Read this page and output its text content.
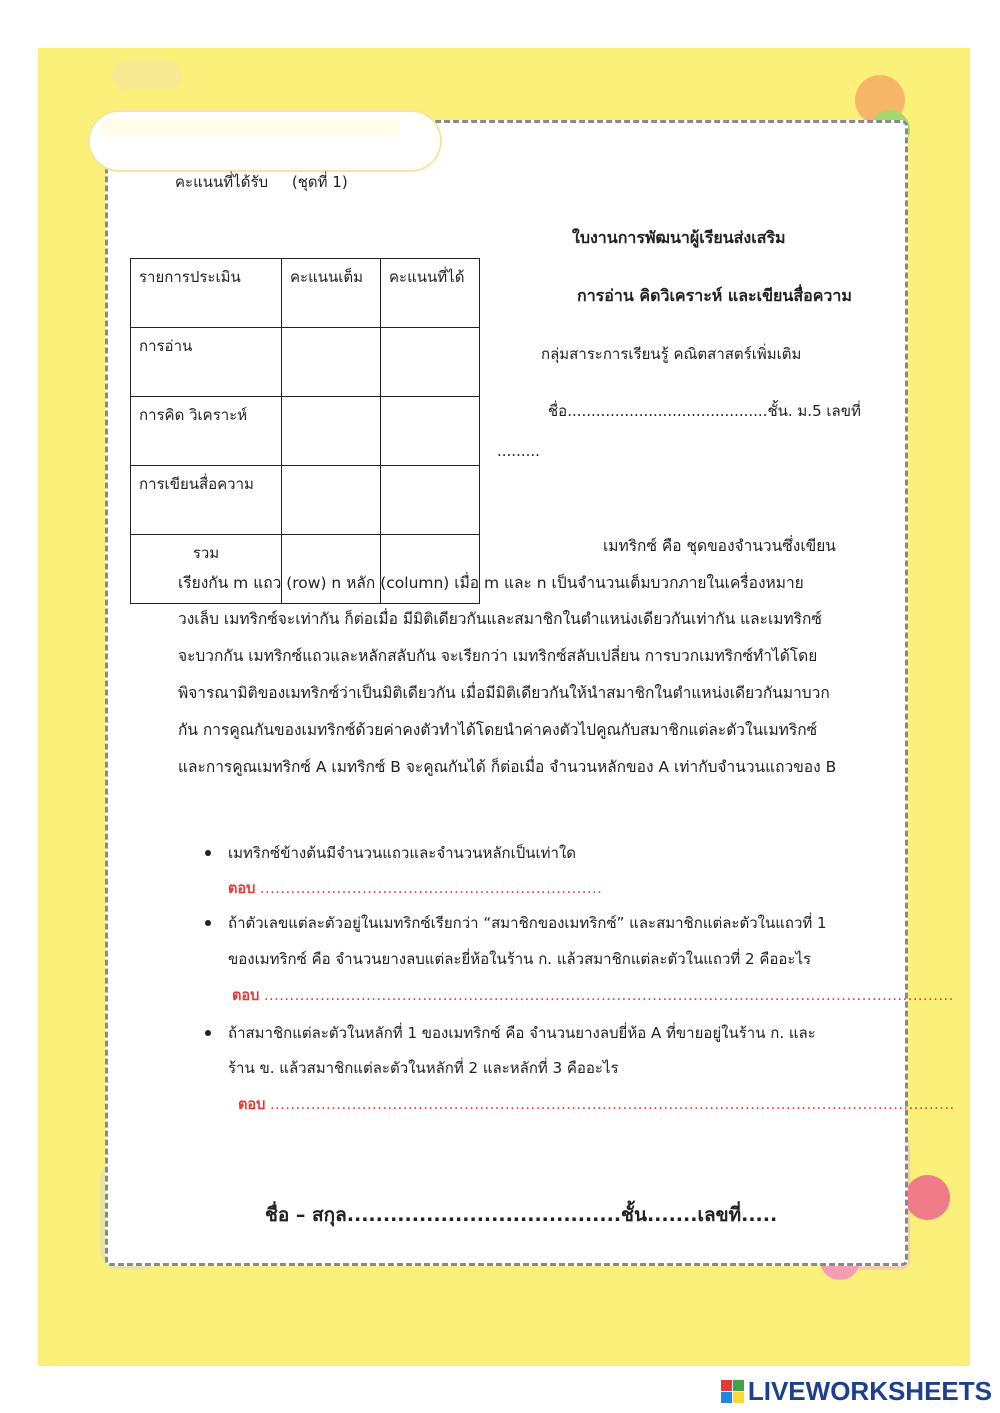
คะแนนที่ได้รับ (ชุดที่ 1)
ใบงานการพัฒนาผู้เรียนส่งเสริม
การอ่าน คิดวิเคราะห์ และเขียนสื่อความ
กลุ่มสาระการเรียนรู้ คณิตสาสตร์เพิ่มเติม
ชื่อ..........................................ชั้น. ม.5 เลขที่
.........
รายการประเมิน	คะแนนเต็ม	คะแนนที่ได้
การอ่าน		
การคิด วิเคราะห์		
การเขียนสื่อความ		
รวม			เมทริกซ์ คือ ชุดของจำนวนซึ่งเขียน
เรียงกัน m แถว (row) n หลัก (column) เมื่อ m และ n เป็นจำนวนเต็มบวกภายในเครื่องหมาย
วงเล็บ เมทริกซ์จะเท่ากัน ก็ต่อเมื่อ มีมิติเดียวกันและสมาชิกในตำแหน่งเดียวกันเท่ากัน และเมทริกซ์
จะบวกกัน เมทริกซ์แถวและหลักสลับกัน จะเรียกว่า เมทริกซ์สลับเปลี่ยน การบวกเมทริกซ์ทำได้โดย
พิจารณามิติของเมทริกซ์ว่าเป็นมิติเดียวกัน เมื่อมีมิติเดียวกันให้นำสมาชิกในตำแหน่งเดียวกันมาบวก
กัน การคูณกันของเมทริกซ์ด้วยค่าคงตัวทำได้โดยนำค่าคงตัวไปคูณกับสมาชิกแต่ละตัวในเมทริกซ์
และการคูณเมทริกซ์ A เมทริกซ์ B จะคูณกันได้ ก็ต่อเมื่อ จำนวนหลักของ A เท่ากับจำนวนแถวของ B
เมทริกซ์ข้างต้นมีจำนวนแถวและจำนวนหลักเป็นเท่าใด
ตอบ ...................................................................
ถ้าตัวเลขแต่ละตัวอยู่ในเมทริกซ์เรียกว่า “สมาชิกของเมทริกซ์” และสมาชิกแต่ละตัวในแถวที่ 1
ของเมทริกซ์ คือ จำนวนยางลบแต่ละยี่ห้อในร้าน ก. แล้วสมาชิกแต่ละตัวในแถวที่ 2 คืออะไร
ตอบ .......................................................................................................................................
ถ้าสมาชิกแต่ละตัวในหลักที่ 1 ของเมทริกซ์ คือ จำนวนยางลบยี่ห้อ A ที่ขายอยู่ในร้าน ก. และ
ร้าน ข. แล้วสมาชิกแต่ละตัวในหลักที่ 2 และหลักที่ 3 คืออะไร
ตอบ ......................................................................................................................................
ชื่อ – สกุล......................................ชั้น.......เลขที่.....
LIVEWORKSHEETS
